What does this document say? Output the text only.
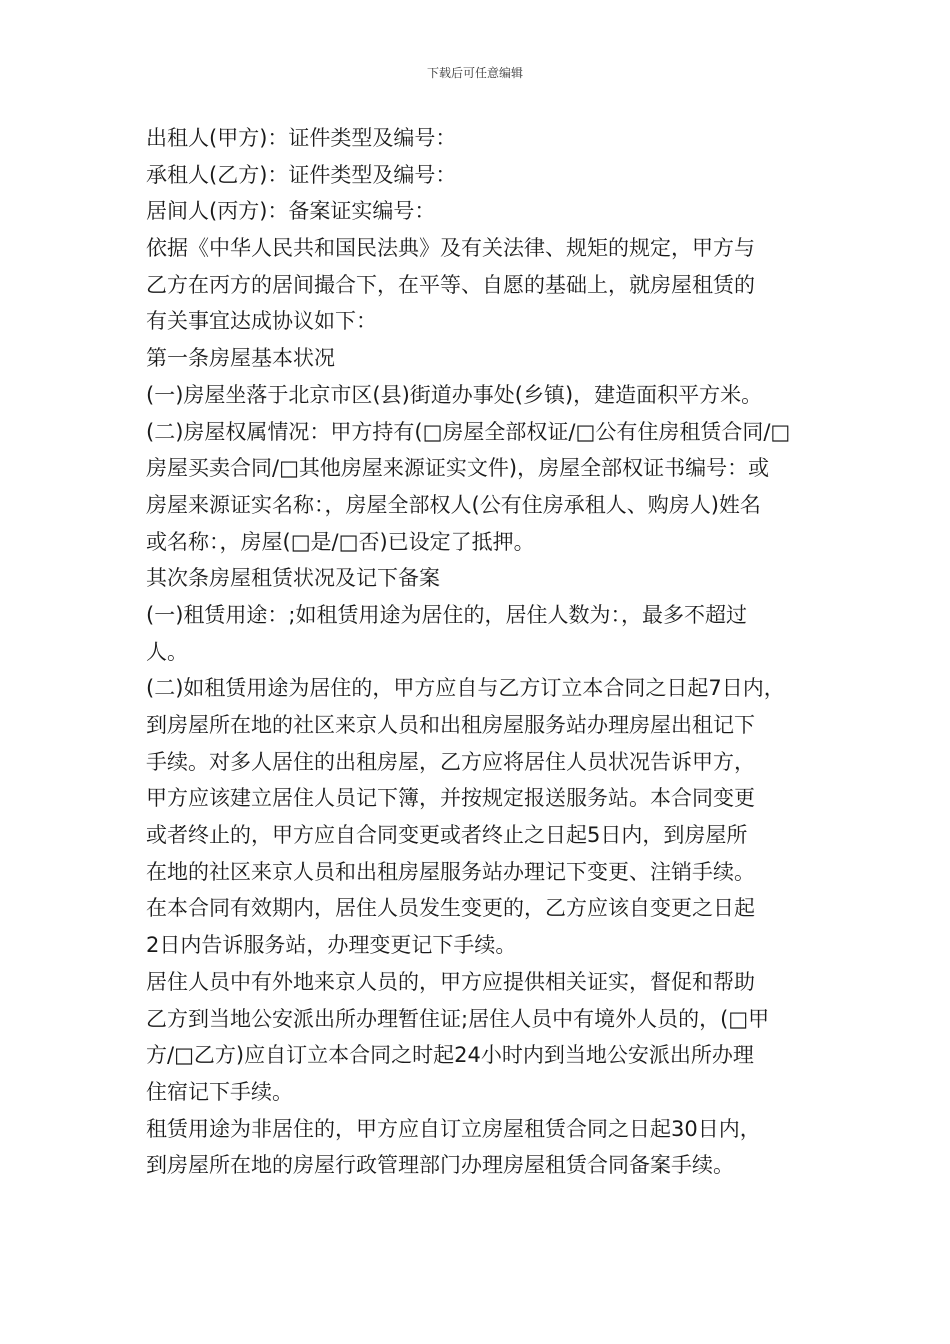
下载后可任意编辑
出租人(甲方)：证件类型及编号：
承租人(乙方)：证件类型及编号：
居间人(丙方)：备案证实编号：
依据《中华人民共和国民法典》及有关法律、规矩的规定，甲方与
乙方在丙方的居间撮合下，在平等、自愿的基础上，就房屋租赁的
有关事宜达成协议如下：
第一条房屋基本状况
(一)房屋坐落于北京市区(县)街道办事处(乡镇)，建造面积平方米。
(二)房屋权属情况：甲方持有(□房屋全部权证/□公有住房租赁合同/□
房屋买卖合同/□其他房屋来源证实文件)，房屋全部权证书编号：或
房屋来源证实名称：，房屋全部权人(公有住房承租人、购房人)姓名
或名称：，房屋(□是/□否)已设定了抵押。
其次条房屋租赁状况及记下备案
(一)租赁用途：;如租赁用途为居住的，居住人数为：，最多不超过
人。
(二)如租赁用途为居住的，甲方应自与乙方订立本合同之日起7日内，
到房屋所在地的社区来京人员和出租房屋服务站办理房屋出租记下
手续。对多人居住的出租房屋，乙方应将居住人员状况告诉甲方，
甲方应该建立居住人员记下簿，并按规定报送服务站。本合同变更
或者终止的，甲方应自合同变更或者终止之日起5日内，到房屋所
在地的社区来京人员和出租房屋服务站办理记下变更、注销手续。
在本合同有效期内，居住人员发生变更的，乙方应该自变更之日起
2日内告诉服务站，办理变更记下手续。
居住人员中有外地来京人员的，甲方应提供相关证实，督促和帮助
乙方到当地公安派出所办理暂住证;居住人员中有境外人员的，(□甲
方/□乙方)应自订立本合同之时起24小时内到当地公安派出所办理
住宿记下手续。
租赁用途为非居住的，甲方应自订立房屋租赁合同之日起30日内，
到房屋所在地的房屋行政管理部门办理房屋租赁合同备案手续。
